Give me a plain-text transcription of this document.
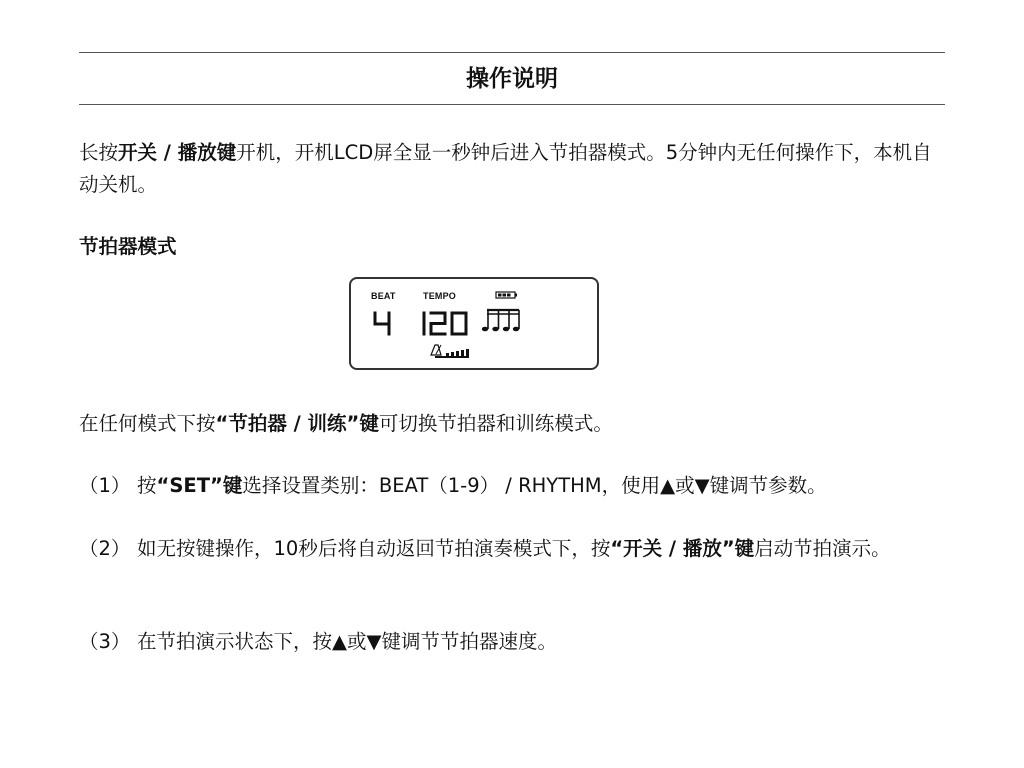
操作说明

长按开关 / 播放键开机，开机LCD屏全显一秒钟后进入节拍器模式。5分钟内无任何操作下，本机自动关机。

节拍器模式

BEAT	TEMPO

在任何模式下按“节拍器 / 训练”键可切换节拍器和训练模式。

（1） 按“SET”键选择设置类别：BEAT（1-9） / RHYTHM，使用▲或▼键调节参数。

（2） 如无按键操作，10秒后将自动返回节拍演奏模式下，按“开关 / 播放”键启动节拍演示。

（3） 在节拍演示状态下，按▲或▼键调节节拍器速度。
